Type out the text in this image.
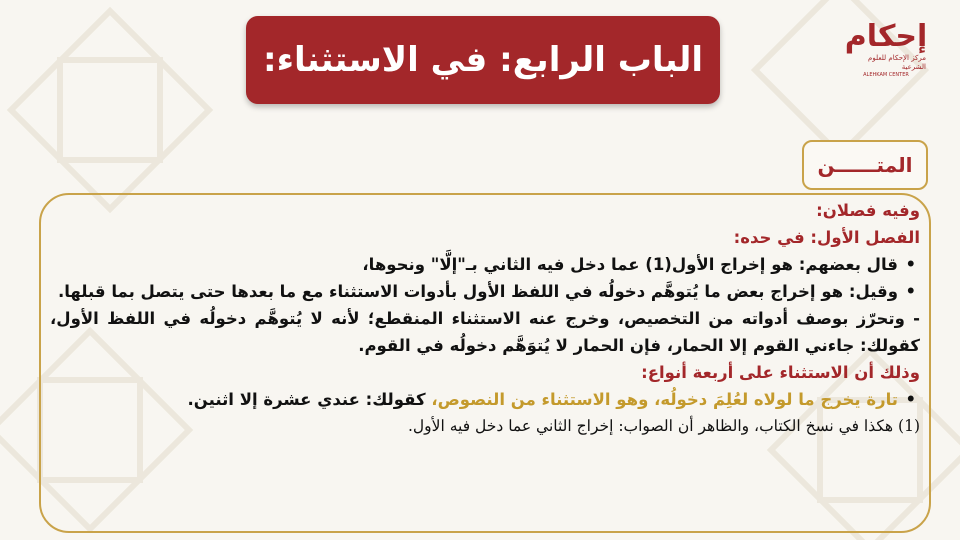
الباب الرابع: في الاستثناء:
إحكام
مركز الإحكام للعلوم الشرعية
ALEHKAM CENTER
المتــــــن

وفيه فصلان:

الفصل الأول: في حده:

• قال بعضهم: هو إخراج الأول(1) عما دخل فيه الثاني بـ"إلَّا" ونحوها،

• وقيل: هو إخراج بعض ما يُتوهَّم دخولُه في اللفظ الأول بأدوات الاستثناء مع ما بعدها حتى يتصل بما قبلها.

- وتحرّز بوصف أدواته من التخصيص، وخرج عنه الاستثناء المنقطع؛ لأنه لا يُتوهَّم دخولُه في اللفظ الأول، كقولك: جاءني القوم إلا الحمار، فإن الحمار لا يُتوَهَّم دخولُه في القوم.

وذلك أن الاستثناء على أربعة أنواع:

• تارة يخرج ما لولاه لعُلِمَ دخولُه، وهو الاستثناء من النصوص، كقولك: عندي عشرة إلا اثنين.

(1) هكذا في نسخ الكتاب، والظاهر أن الصواب: إخراج الثاني عما دخل فيه الأول.
